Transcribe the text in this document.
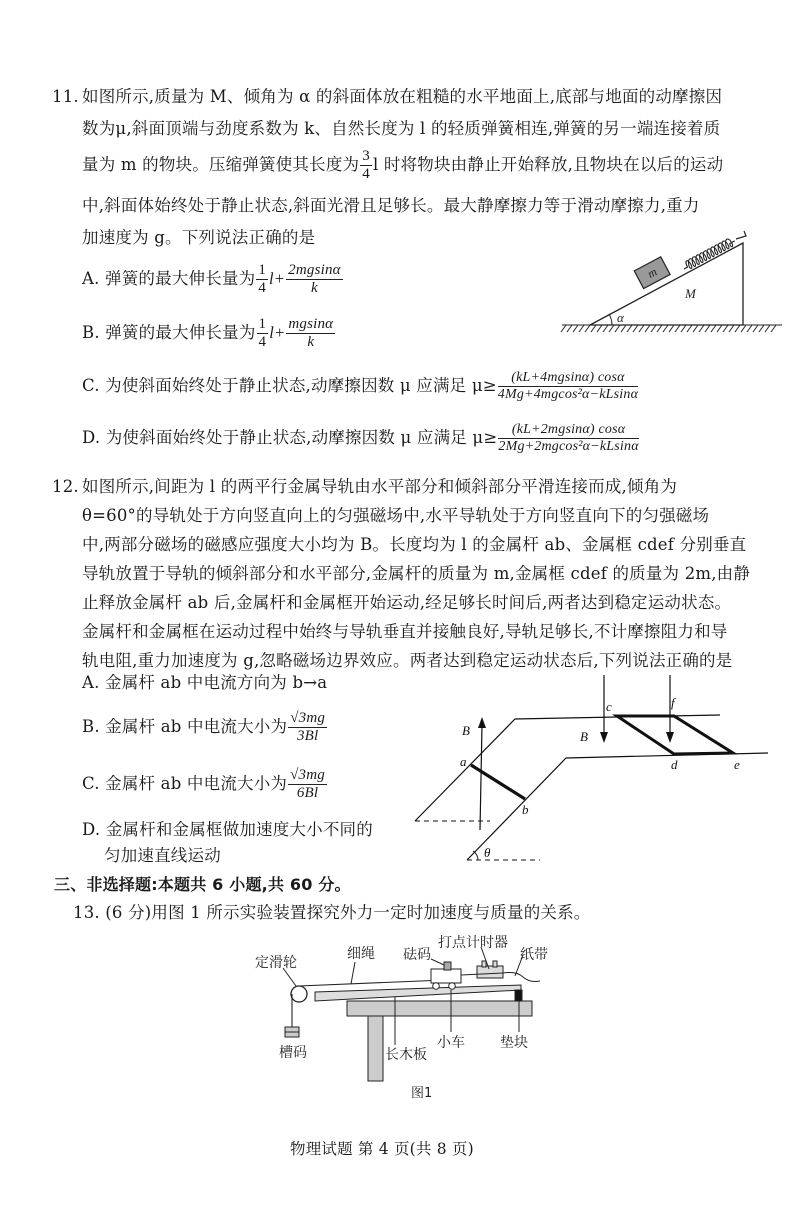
11. 如图所示,质量为 M、倾角为 α 的斜面体放在粗糙的水平地面上,底部与地面的动摩擦因
数为μ,斜面顶端与劲度系数为 k、自然长度为 l 的轻质弹簧相连,弹簧的另一端连接着质
量为 m 的物块。压缩弹簧使其长度为 $\frac{3}{4}$ l 时将物块由静止开始释放,且物块在以后的运动
中,斜面体始终处于静止状态,斜面光滑且足够长。最大静摩擦力等于滑动摩擦力,重力
加速度为 g。下列说法正确的是
A. 弹簧的最大伸长量为 $\frac{1}{4} l+ \frac{2mgsin\alpha}{k}$
B. 弹簧的最大伸长量为 $\frac{1}{4} l+ \frac{mgsin\alpha}{k}$
C. 为使斜面始终处于静止状态,动摩擦因数 μ 应满足 $\mu\ge \frac{(kL+4mgsin\alpha) \cos\alpha}{\text{4Mg+4mgcos²α−kLsinα}}$
D. 为使斜面始终处于静止状态,动摩擦因数 μ 应满足 $\mu\ge \frac{(kL+2mgsin\alpha) \cos\alpha}{\text{2Mg+2mgcos²α−kLsinα}}$
m
M
α
12. 如图所示,间距为 l 的两平行金属导轨由水平部分和倾斜部分平滑连接而成,倾角为
θ=60°的导轨处于方向竖直向上的匀强磁场中,水平导轨处于方向竖直向下的匀强磁场
中,两部分磁场的磁感应强度大小均为 B。长度均为 l 的金属杆 ab、金属框 cdef 分别垂直
导轨放置于导轨的倾斜部分和水平部分,金属杆的质量为 m,金属框 cdef 的质量为 2m,由静
止释放金属杆 ab 后,金属杆和金属框开始运动,经足够长时间后,两者达到稳定运动状态。
金属杆和金属框在运动过程中始终与导轨垂直并接触良好,导轨足够长,不计摩擦阻力和导
轨电阻,重力加速度为 g,忽略磁场边界效应。两者达到稳定运动状态后,下列说法正确的是
A. 金属杆 ab 中电流方向为 b→a
B. 金属杆 ab 中电流大小为 $\frac{√3mg}{3Bl}$
C. 金属杆 ab 中电流大小为 $\frac{√3mg}{6Bl}$
D. 金属杆和金属框做加速度大小不同的
匀加速直线运动
B	B
a
b
c
d	e
f
θ
三、非选择题:本题共 6 小题,共 60 分。
13. (6 分)用图 1 所示实验装置探究外力一定时加速度与质量的关系。
定滑轮
细绳 砝码
打点计时器
纸带
槽码	长木板
小车	垫块
图1
物理试题 第 4 页(共 8 页)
